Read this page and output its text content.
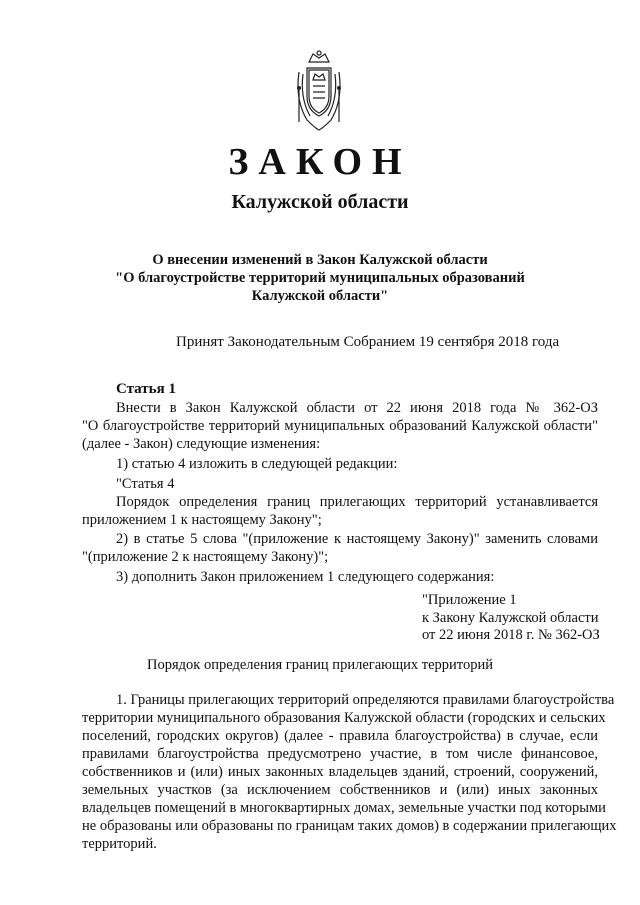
ЗАКОН
Калужской области
О внесении изменений в Закон Калужской области
"О благоустройстве территорий муниципальных образований
Калужской области"
Принят Законодательным Собранием 19 сентября 2018 года
Статья 1
Внести в Закон Калужской области от 22 июня 2018 года № 362-ОЗ
"О благоустройстве территорий муниципальных образований Калужской области"
(далее - Закон) следующие изменения:
1) статью 4 изложить в следующей редакции:
"Статья 4
Порядок определения границ прилегающих территорий устанавливается
приложением 1 к настоящему Закону";
2) в статье 5 слова "(приложение к настоящему Закону)" заменить словами
"(приложение 2 к настоящему Закону)";
3) дополнить Закон приложением 1 следующего содержания:
"Приложение 1
к Закону Калужской области
от 22 июня 2018 г. № 362-ОЗ
Порядок определения границ прилегающих территорий
1. Границы прилегающих территорий определяются правилами благоустройства
территории муниципального образования Калужской области (городских и сельских
поселений, городских округов) (далее - правила благоустройства) в случае, если
правилами благоустройства предусмотрено участие, в том числе финансовое,
собственников и (или) иных законных владельцев зданий, строений, сооружений,
земельных участков (за исключением собственников и (или) иных законных
владельцев помещений в многоквартирных домах, земельные участки под которыми
не образованы или образованы по границам таких домов) в содержании прилегающих
территорий.
